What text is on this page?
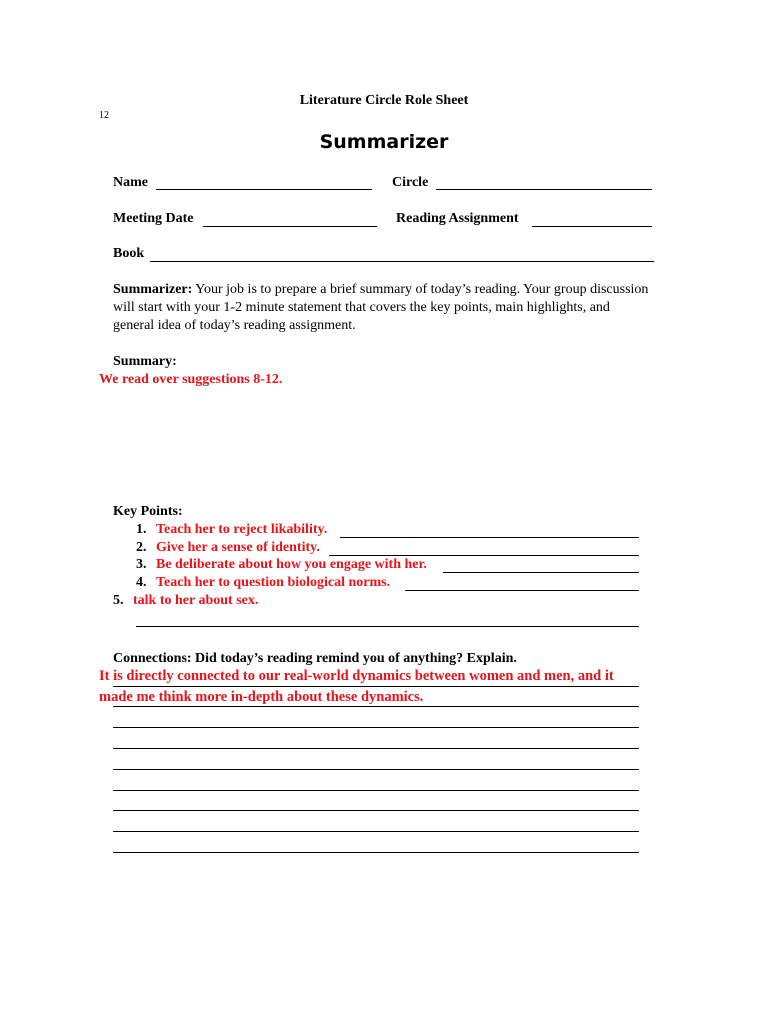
Literature Circle Role Sheet
12
Summarizer
Name	Circle
Meeting Date	Reading Assignment
Book
Summarizer: Your job is to prepare a brief summary of today’s reading. Your group discussion will start with your 1-2 minute statement that covers the key points, main highlights, and general idea of today’s reading assignment.
Summary:
We read over suggestions 8-12.
Key Points:
1. Teach her to reject likability.
2. Give her a sense of identity.
3. Be deliberate about how you engage with her.
4. Teach her to question biological norms.
5. talk to her about sex.
Connections: Did today’s reading remind you of anything? Explain.
It is directly connected to our real-world dynamics between women and men, and it
made me think more in-depth about these dynamics.
